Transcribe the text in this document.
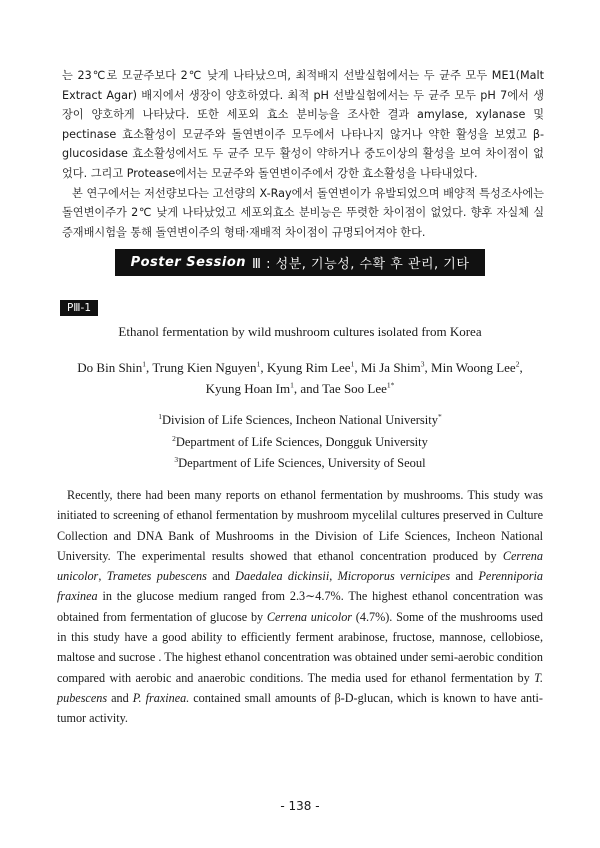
는 23℃로 모균주보다 2℃ 낮게 나타났으며, 최적배지 선발실험에서는 두 균주 모두 ME1(Malt Extract Agar) 배지에서 생장이 양호하였다. 최적 pH 선발실험에서는 두 균주 모두 pH 7에서 생장이 양호하게 나타났다. 또한 세포외 효소 분비능을 조사한 결과 amylase, xylanase 및 pectinase 효소활성이 모균주와 돌연변이주 모두에서 나타나지 않거나 약한 활성을 보였고 β-glucosidase 효소활성에서도 두 균주 모두 활성이 약하거나 중도이상의 활성을 보여 차이점이 없었다. 그리고 Protease에서는 모균주와 돌연변이주에서 강한 효소활성을 나타내었다.

본 연구에서는 저선량보다는 고선량의 X-Ray에서 돌연변이가 유발되었으며 배양적 특성조사에는 돌연변이주가 2℃ 낮게 나타났었고 세포외효소 분비능은 뚜렷한 차이점이 없었다. 향후 자실체 실증재배시험을 통해 돌연변이주의 형태·재배적 차이점이 규명되어져야 한다.

Poster Session Ⅲ : 성분, 기능성, 수확 후 관리, 기타
PⅢ-1
Ethanol fermentation by wild mushroom cultures isolated from Korea
Do Bin Shin$^1$, Trung Kien Nguyen$^1$, Kyung Rim Lee$^1$, Mi Ja Shim$^3$, Min Woong Lee$^2$,
Kyung Hoan Im$^1$, and Tae Soo Lee$^{1*}$
$^1$Division of Life Sciences, Incheon National University*
$^2$Department of Life Sciences, Dongguk University
$^3$Department of Life Sciences, University of Seoul

Recently, there had been many reports on ethanol fermentation by mushrooms. This study was initiated to screening of ethanol fermentation by mushroom mycelilal cultures preserved in Culture Collection and DNA Bank of Mushrooms in the Division of Life Sciences, Incheon National University. The experimental results showed that ethanol concentration produced by Cerrena unicolor, Trametes pubescens and Daedalea dickinsii, Microporus vernicipes and Perenniporia fraxinea in the glucose medium ranged from 2.3∼4.7%. The highest ethanol concentration was obtained from fermentation of glucose by Cerrena unicolor (4.7%). Some of the mushrooms used in this study have a good ability to efficiently ferment arabinose, fructose, mannose, cellobiose, maltose and sucrose . The highest ethanol concentration was obtained under semi-aerobic condition compared with aerobic and anaerobic conditions. The media used for ethanol fermentation by T. pubescens and P. fraxinea. contained small amounts of β-D-glucan, which is known to have anti-tumor activity.

- 138 -
